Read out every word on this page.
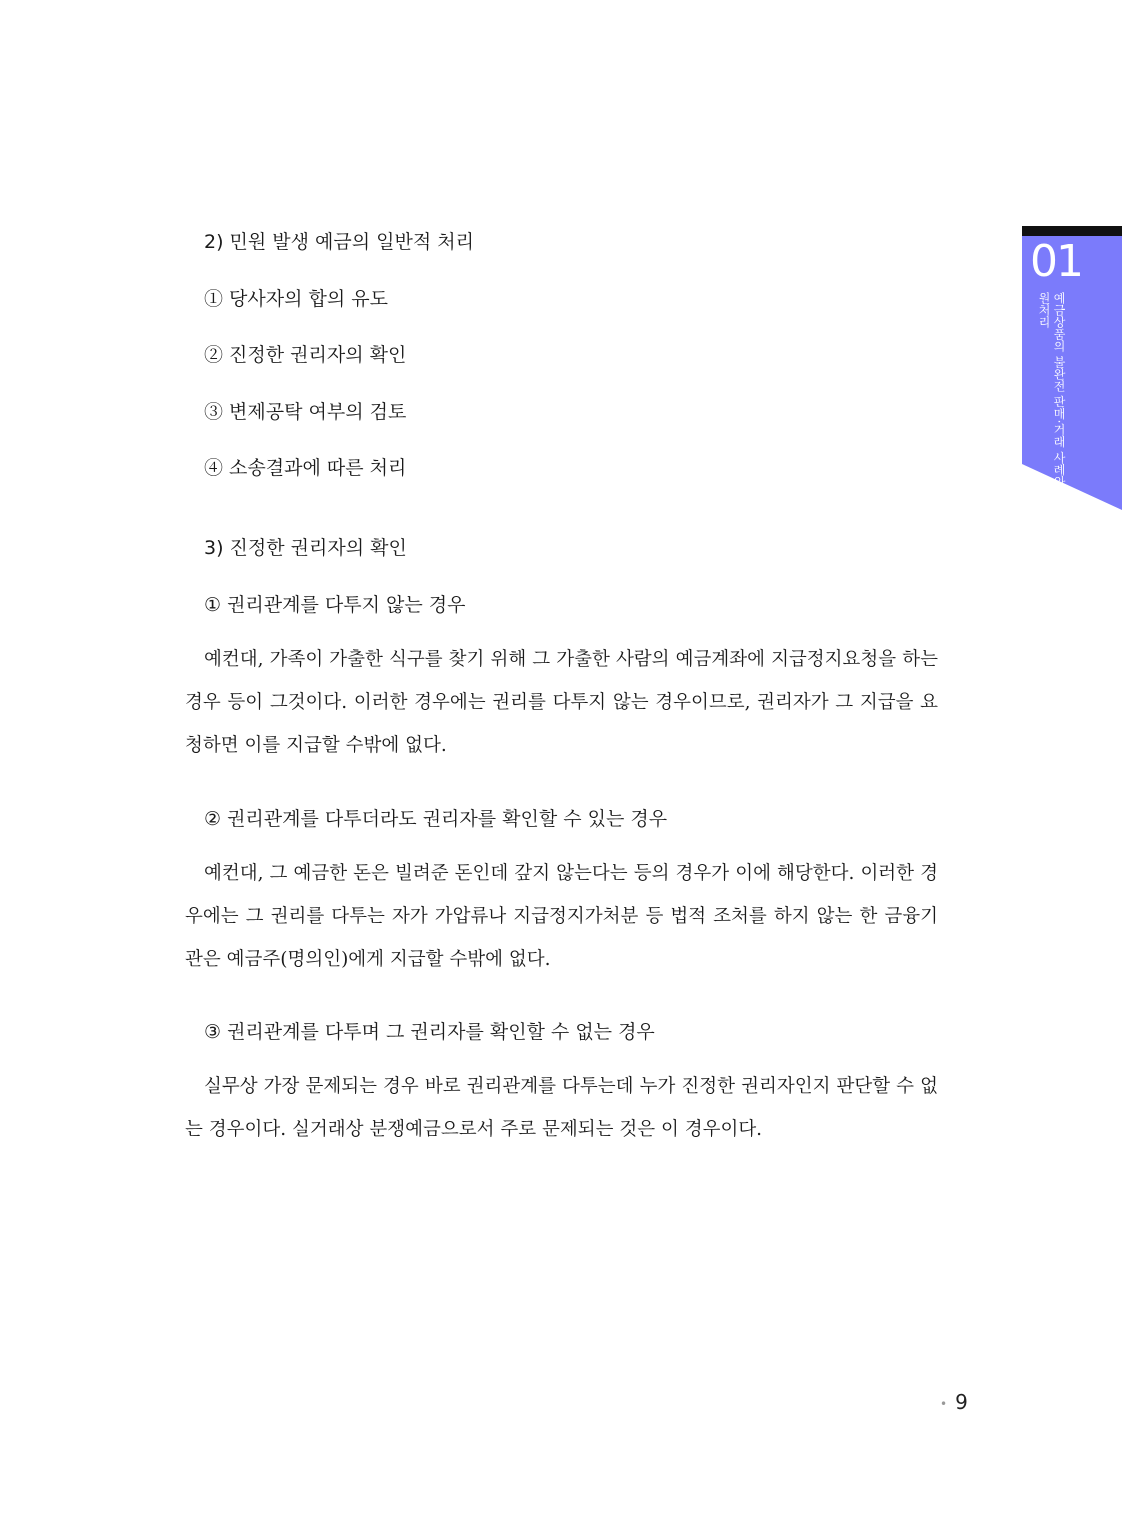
2) 민원 발생 예금의 일반적 처리
① 당사자의 합의 유도
② 진정한 권리자의 확인
③ 변제공탁 여부의 검토
④ 소송결과에 따른 처리
3) 진정한 권리자의 확인
① 권리관계를 다투지 않는 경우
예컨대, 가족이 가출한 식구를 찾기 위해 그 가출한 사람의 예금계좌에 지급정지요청을 하는 경우 등이 그것이다. 이러한 경우에는 권리를 다투지 않는 경우이므로, 권리자가 그 지급을 요청하면 이를 지급할 수밖에 없다.
② 권리관계를 다투더라도 권리자를 확인할 수 있는 경우
예컨대, 그 예금한 돈은 빌려준 돈인데 갚지 않는다는 등의 경우가 이에 해당한다. 이러한 경우에는 그 권리를 다투는 자가 가압류나 지급정지가처분 등 법적 조처를 하지 않는 한 금융기관은 예금주(명의인)에게 지급할 수밖에 없다.
③ 권리관계를 다투며 그 권리자를 확인할 수 없는 경우
실무상 가장 문제되는 경우 바로 권리관계를 다투는데 누가 진정한 권리자인지 판단할 수 없는 경우이다. 실거래상 분쟁예금으로서 주로 문제되는 것은 이 경우이다.
01
예금상품의 불완전 판매·거래 사례와 민원처리
• 9
